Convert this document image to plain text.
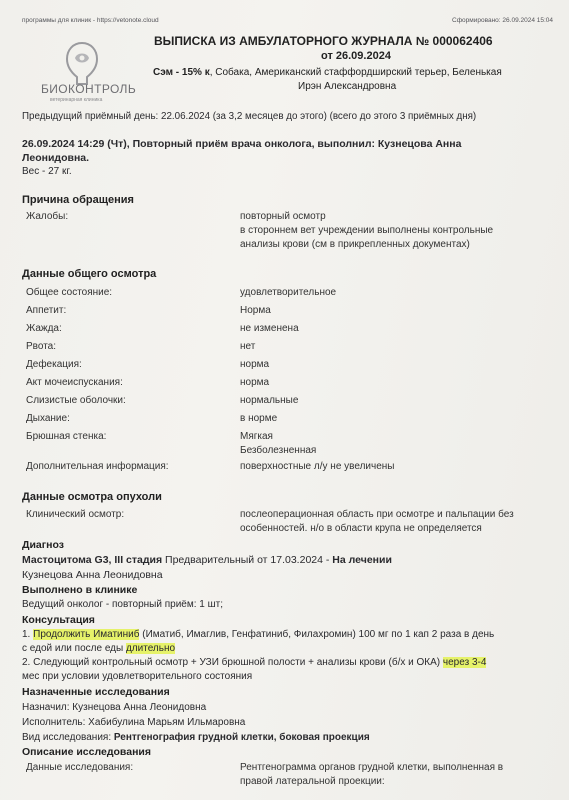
программы для клиник - https://vetonote.cloud	Сформировано: 26.09.2024 15:04
БИОКОНТРОЛЬ
ветеринарная клиника
ВЫПИСКА ИЗ АМБУЛАТОРНОГО ЖУРНАЛА № 000062406
от 26.09.2024
Сэм - 15% к, Собака, Американский стаффордширский терьер, Беленькая
Ирэн Александровна
Предыдущий приёмный день: 22.06.2024 (за 3,2 месяцев до этого) (всего до этого 3 приёмных дня)
26.09.2024 14:29 (Чт), Повторный приём врача онколога, выполнил: Кузнецова Анна
Леонидовна.
Вес - 27 кг.
Причина обращения
Жалобы:	повторный осмотр
в стороннем вет учреждении выполнены контрольные
анализы крови (см в прикрепленных документах)
Данные общего осмотра
Общее состояние:	удовлетворительное
Аппетит:	Норма
Жажда:	не изменена
Рвота:	нет
Дефекация:	норма
Акт мочеиспускания:	норма
Слизистые оболочки:	нормальные
Дыхание:	в норме
Брюшная стенка:	Мягкая
Безболезненная
Дополнительная информация:	поверхностные л/у не увеличены
Данные осмотра опухоли
Клинический осмотр:	послеоперационная область при осмотре и пальпации без
особенностей. н/о в области крупа не определяется
Диагноз
Мастоцитома G3, III стадия Предварительный от 17.03.2024 - На лечении
Кузнецова Анна Леонидовна
Выполнено в клинике
Ведущий онколог - повторный приём: 1 шт;
Консультация
1. Продолжить Иматиниб (Иматиб, Имаглив, Генфатиниб, Филахромин) 100 мг по 1 кап 2 раза в день
с едой или после еды длительно
2. Следующий контрольный осмотр + УЗИ брюшной полости + анализы крови (б/х и ОКА) через 3-4
мес при условии удовлетворительного состояния
Назначенные исследования
Назначил: Кузнецова Анна Леонидовна
Исполнитель: Хабибулина Марьям Ильмаровна
Вид исследования: Рентгенография грудной клетки, боковая проекция
Описание исследования
Данные исследования:	Рентгенограмма органов грудной клетки, выполненная в
правой латеральной проекции:
